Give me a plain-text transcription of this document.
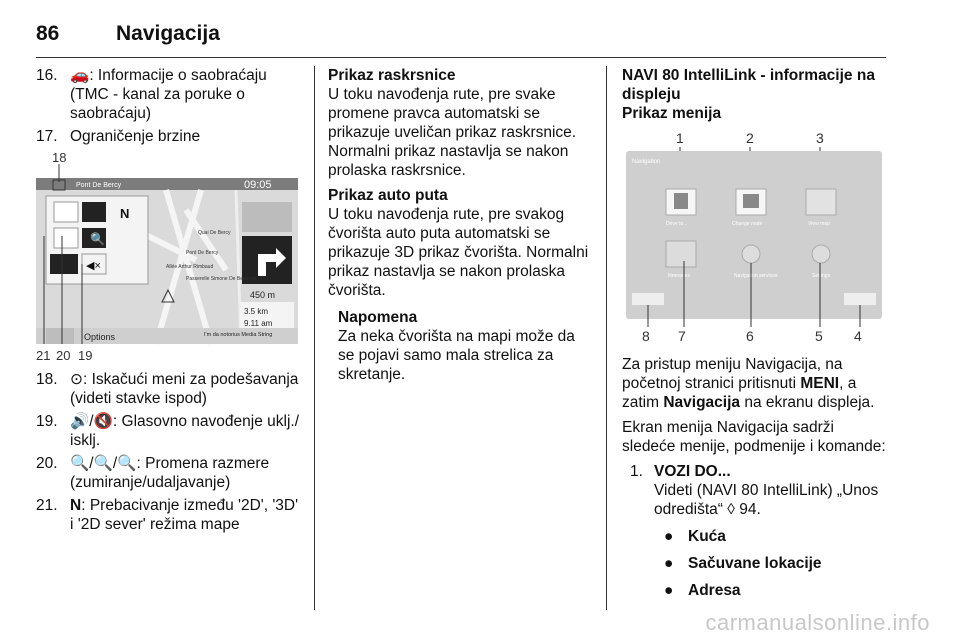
86	Navigacija
16. 🚗: Informacije o saobraćaju (TMC - kanal za poruke o saobraćaju)
17. Ograničenje brzine
18
Pont De Bercy	09:05
N
🔍
◀×
450 m
3.5 km
9.11 am
Quai De Bercy
Pont De Bercy
Allée Arthur Rimbaud
Passerelle Simone De Beauvoir
Options	I'm da notorius Media String
21 20 19
18. ⊙: Iskačući meni za podešavanja (videti stavke ispod)
19. 🔊/🔇: Glasovno navođenje uklj./ isklj.
20. 🔍/🔍/🔍: Promena razmere (zumiranje/udaljavanje)
21. N: Prebacivanje između '2D', '3D' i '2D sever' režima mape
Prikaz raskrsnice
U toku navođenja rute, pre svake promene pravca automatski se prikazuje uveličan prikaz raskrsnice. Normalni prikaz nastavlja se nakon prolaska raskrsnice.
Prikaz auto puta
U toku navođenja rute, pre svakog čvorišta auto puta automatski se prikazuje 3D prikaz čvorišta. Normalni prikaz nastavlja se nakon prolaska čvorišta.
Napomena
Za neka čvorišta na mapi može da se pojavi samo mala strelica za skretanje.
NAVI 80 IntelliLink - informacije na displeju
Prikaz menija
1	2	3
Navigation
Drive to...	Change route	View map
Itineraries	Navigation services	Settings
8 7	6	5 4
Za pristup meniju Navigacija, na početnoj stranici pritisnuti MENI, a zatim Navigacija na ekranu displeja.
Ekran menija Navigacija sadrži sledeće menije, podmenije i komande:
1. VOZI DO...
Videti (NAVI 80 IntelliLink) „Unos odredišta“ ◊ 94.
● Kuća
● Sačuvane lokacije
● Adresa
carmanualsonline.info
